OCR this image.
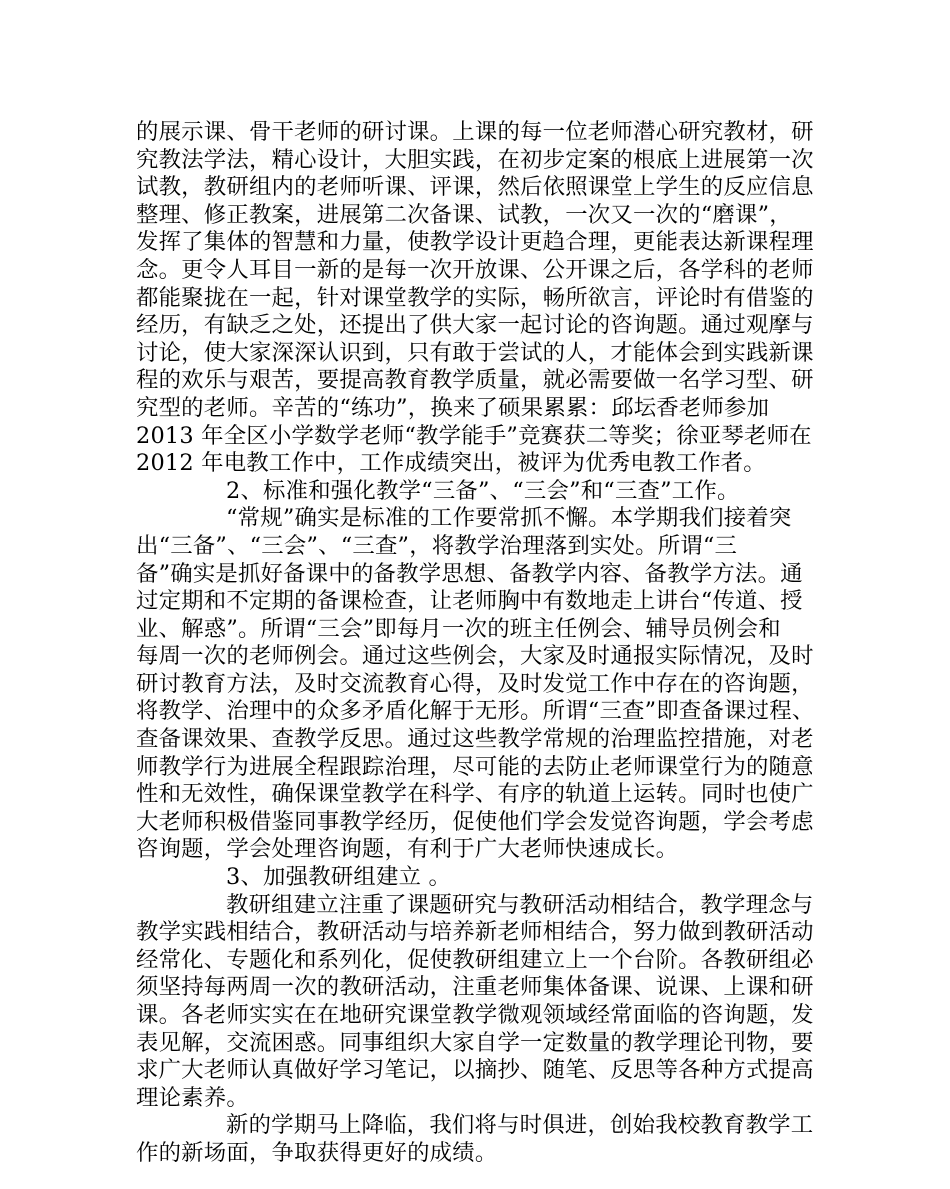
的展示课、骨干老师的研讨课。上课的每一位老师潜心研究教材，研
究教法学法，精心设计，大胆实践，在初步定案的根底上进展第一次
试教，教研组内的老师听课、评课，然后依照课堂上学生的反应信息
整理、修正教案，进展第二次备课、试教，一次又一次的“磨课”，
发挥了集体的智慧和力量，使教学设计更趋合理，更能表达新课程理
念。更令人耳目一新的是每一次开放课、公开课之后，各学科的老师
都能聚拢在一起，针对课堂教学的实际，畅所欲言，评论时有借鉴的
经历，有缺乏之处，还提出了供大家一起讨论的咨询题。通过观摩与
讨论，使大家深深认识到，只有敢于尝试的人，才能体会到实践新课
程的欢乐与艰苦，要提高教育教学质量，就必需要做一名学习型、研
究型的老师。辛苦的“练功”，换来了硕果累累：邱坛香老师参加
2013 年全区小学数学老师“教学能手”竞赛获二等奖；徐亚琴老师在
2012 年电教工作中，工作成绩突出，被评为优秀电教工作者。
2、标准和强化教学“三备”、“三会”和“三查”工作。
“常规”确实是标准的工作要常抓不懈。本学期我们接着突
出“三备”、“三会”、“三查”，将教学治理落到实处。所谓“三
备”确实是抓好备课中的备教学思想、备教学内容、备教学方法。通
过定期和不定期的备课检查，让老师胸中有数地走上讲台“传道、授
业、解惑”。所谓“三会”即每月一次的班主任例会、辅导员例会和
每周一次的老师例会。通过这些例会，大家及时通报实际情况，及时
研讨教育方法，及时交流教育心得，及时发觉工作中存在的咨询题，
将教学、治理中的众多矛盾化解于无形。所谓“三查”即查备课过程、
查备课效果、查教学反思。通过这些教学常规的治理监控措施，对老
师教学行为进展全程跟踪治理，尽可能的去防止老师课堂行为的随意
性和无效性，确保课堂教学在科学、有序的轨道上运转。同时也使广
大老师积极借鉴同事教学经历，促使他们学会发觉咨询题，学会考虑
咨询题，学会处理咨询题，有利于广大老师快速成长。
3、加强教研组建立 。
教研组建立注重了课题研究与教研活动相结合，教学理念与
教学实践相结合，教研活动与培养新老师相结合，努力做到教研活动
经常化、专题化和系列化，促使教研组建立上一个台阶。各教研组必
须坚持每两周一次的教研活动，注重老师集体备课、说课、上课和研
课。各老师实实在在地研究课堂教学微观领域经常面临的咨询题，发
表见解，交流困惑。同事组织大家自学一定数量的教学理论刊物，要
求广大老师认真做好学习笔记，以摘抄、随笔、反思等各种方式提高
理论素养。
新的学期马上降临，我们将与时俱进，创始我校教育教学工
作的新场面，争取获得更好的成绩。
